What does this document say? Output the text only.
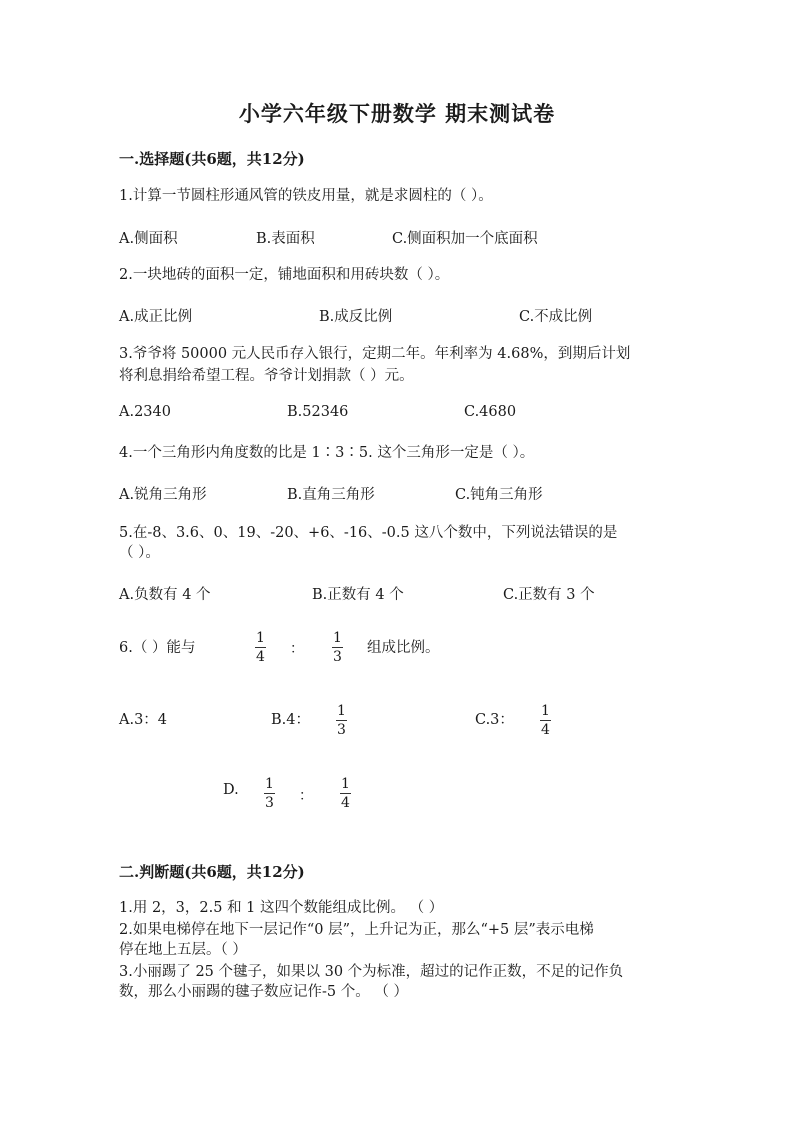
小学六年级下册数学 期末测试卷
一.选择题(共6题，共12分)
1.计算一节圆柱形通风管的铁皮用量，就是求圆柱的（ ）。
A.侧面积	B.表面积	C.侧面积加一个底面积
2.一块地砖的面积一定，铺地面积和用砖块数（ ）。
A.成正比例	B.成反比例	C.不成比例
3.爷爷将 50000 元人民币存入银行，定期二年。年利率为 4.68%，到期后计划
将利息捐给希望工程。爷爷计划捐款（ ）元。
A.2340	B.52346	C.4680
4.一个三角形内角度数的比是 1∶3∶5. 这个三角形一定是（ ）。
A.锐角三角形	B.直角三角形	C.钝角三角形
5.在-8、3.6、0、19、-20、+6、-16、-0.5 这八个数中，下列说法错误的是
（ ）。
A.负数有 4 个	B.正数有 4 个	C.正数有 3 个
6.（ ）能与
1
4 ：
1
3
组成比例。
A.3：4	B.4：
1
3
C.3：
1
4
D. 1
3 ：
1
4
二.判断题(共6题，共12分)
1.用 2，3，2.5 和 1 这四个数能组成比例。 （ ）
2.如果电梯停在地下一层记作“0 层”，上升记为正，那么“+5 层”表示电梯
停在地上五层。（ ）
3.小丽踢了 25 个毽子，如果以 30 个为标准，超过的记作正数，不足的记作负
数，那么小丽踢的毽子数应记作-5 个。 （ ）
